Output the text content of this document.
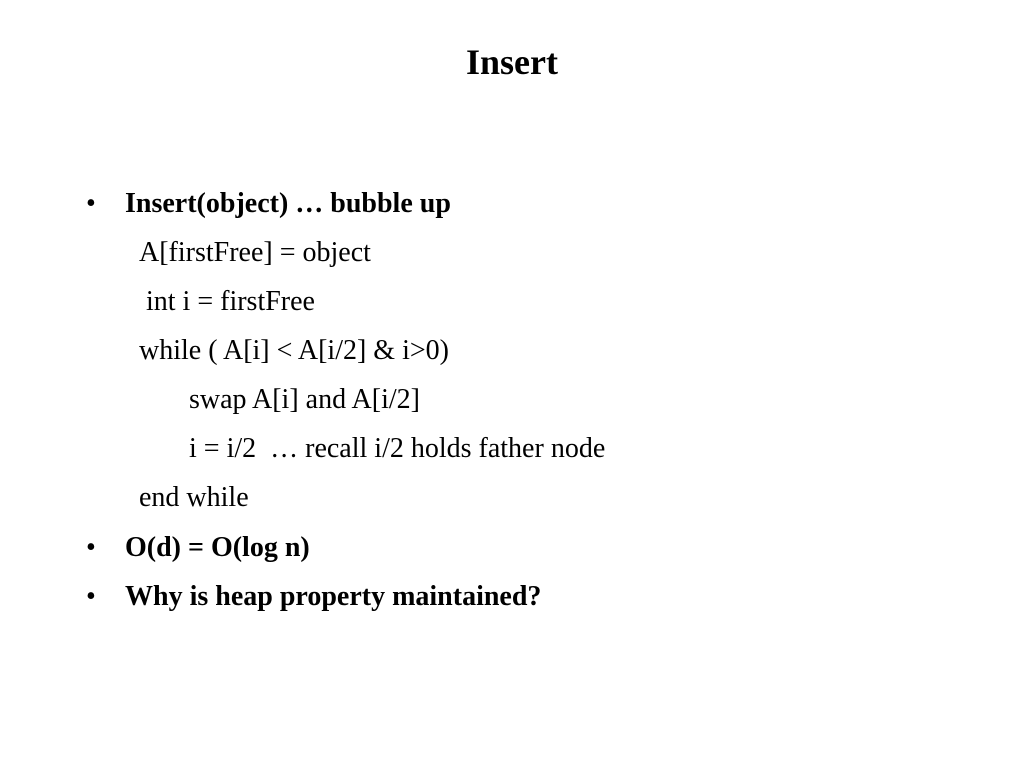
Insert
• Insert(object) … bubble up
A[firstFree] = object
int i = firstFree
while ( A[i] < A[i/2] & i>0)
swap A[i] and A[i/2]
i = i/2  … recall i/2 holds father node
end while
• O(d) = O(log n)
• Why is heap property maintained?
